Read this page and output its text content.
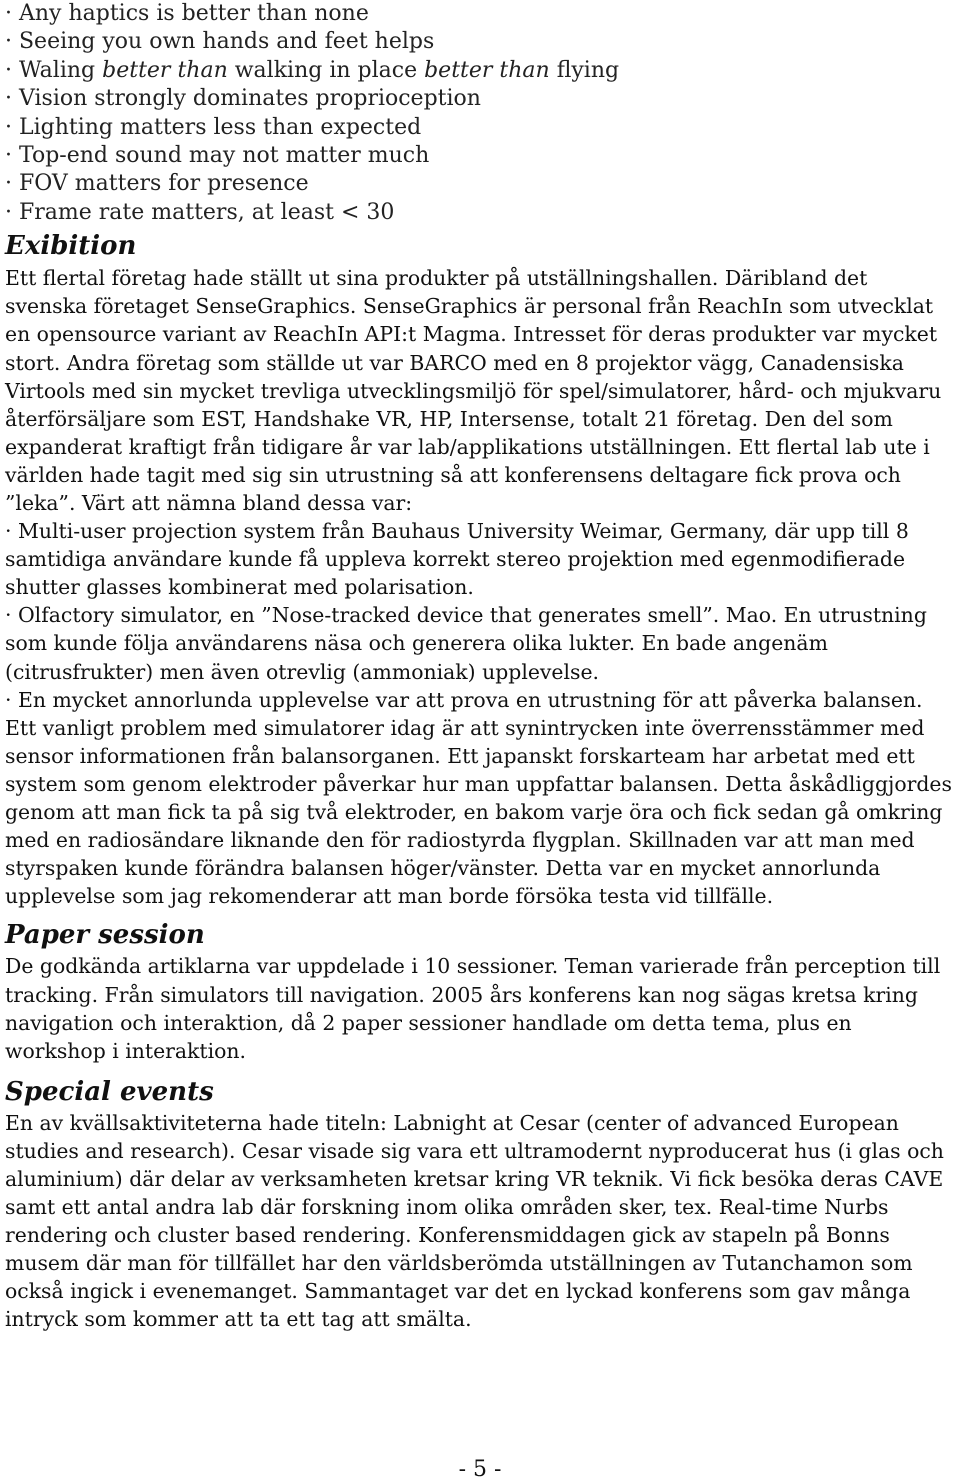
· Any haptics is better than none
· Seeing you own hands and feet helps
· Waling better than walking in place better than flying
· Vision strongly dominates proprioception
· Lighting matters less than expected
· Top-end sound may not matter much
· FOV matters for presence
· Frame rate matters, at least < 30
Exibition

Ett flertal företag hade ställt ut sina produkter på utställningshallen. Däribland det svenska företaget SenseGraphics. SenseGraphics är personal från ReachIn som utvecklat en opensource variant av ReachIn API:t Magma. Intresset för deras produkter var mycket stort. Andra företag som ställde ut var BARCO med en 8 projektor vägg, Canadensiska Virtools med sin mycket trevliga utvecklingsmiljö för spel/simulatorer, hård- och mjukvaru återförsäljare som EST, Handshake VR, HP, Intersense, totalt 21 företag. Den del som expanderat kraftigt från tidigare år var lab/applikations utställningen. Ett flertal lab ute i världen hade tagit med sig sin utrustning så att konferensens deltagare fick prova och ”leka”. Värt att nämna bland dessa var:

· Multi-user projection system från Bauhaus University Weimar, Germany, där upp till 8 samtidiga användare kunde få uppleva korrekt stereo projektion med egenmodifierade shutter glasses kombinerat med polarisation.
· Olfactory simulator, en ”Nose-tracked device that generates smell”. Mao. En utrustning som kunde följa användarens näsa och generera olika lukter. En bade angenäm (citrusfrukter) men även otrevlig (ammoniak) upplevelse.
· En mycket annorlunda upplevelse var att prova en utrustning för att påverka balansen. Ett vanligt problem med simulatorer idag är att synintrycken inte överrensstämmer med sensor informationen från balansorganen. Ett japanskt forskarteam har arbetat med ett system som genom elektroder påverkar hur man uppfattar balansen. Detta åskådliggjordes genom att man fick ta på sig två elektroder, en bakom varje öra och fick sedan gå omkring med en radiosändare liknande den för radiostyrda flygplan. Skillnaden var att man med styrspaken kunde förändra balansen höger/vänster. Detta var en mycket annorlunda upplevelse som jag rekomenderar att man borde försöka testa vid tillfälle.
Paper session

De godkända artiklarna var uppdelade i 10 sessioner. Teman varierade från perception till tracking. Från simulators till navigation. 2005 års konferens kan nog sägas kretsa kring navigation och interaktion, då 2 paper sessioner handlade om detta tema, plus en workshop i interaktion.

Special events

En av kvällsaktiviteterna hade titeln: Labnight at Cesar (center of advanced European studies and research). Cesar visade sig vara ett ultramodernt nyproducerat hus (i glas och aluminium) där delar av verksamheten kretsar kring VR teknik. Vi fick besöka deras CAVE samt ett antal andra lab där forskning inom olika områden sker, tex. Real-time Nurbs rendering och cluster based rendering. Konferensmiddagen gick av stapeln på Bonns musem där man för tillfället har den världsberömda utställningen av Tutanchamon som också ingick i evenemanget. Sammantaget var det en lyckad konferens som gav många intryck som kommer att ta ett tag att smälta.

- 5 -
